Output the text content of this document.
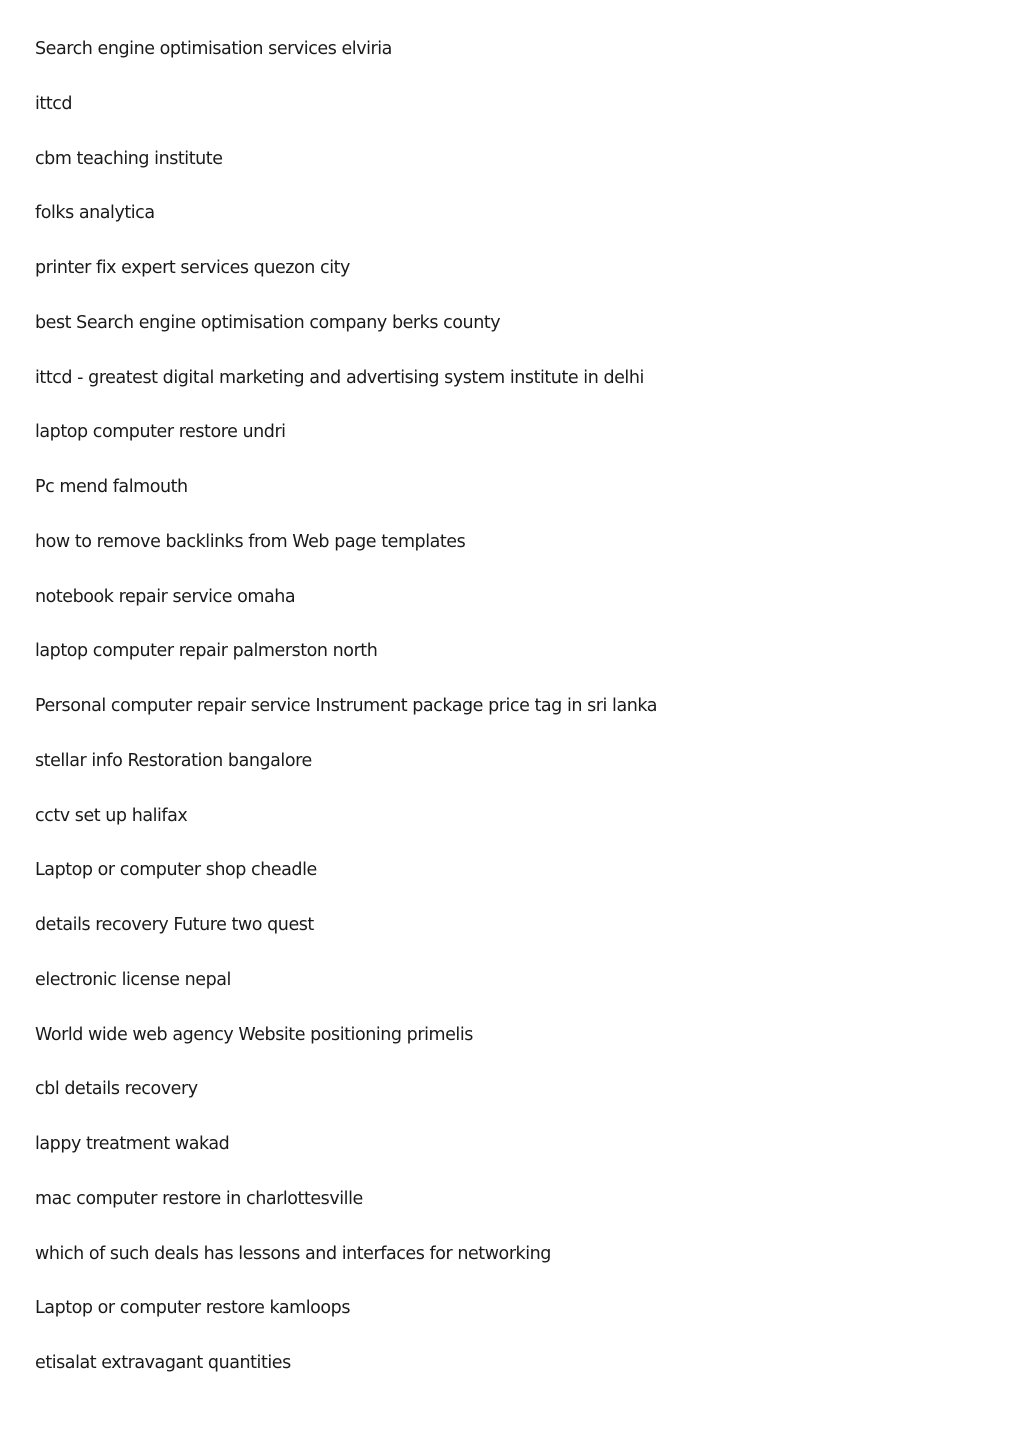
Search engine optimisation services elviria
ittcd
cbm teaching institute
folks analytica
printer fix expert services quezon city
best Search engine optimisation company berks county
ittcd - greatest digital marketing and advertising system institute in delhi
laptop computer restore undri
Pc mend falmouth
how to remove backlinks from Web page templates
notebook repair service omaha
laptop computer repair palmerston north
Personal computer repair service Instrument package price tag in sri lanka
stellar info Restoration bangalore
cctv set up halifax
Laptop or computer shop cheadle
details recovery Future two quest
electronic license nepal
World wide web agency Website positioning primelis
cbl details recovery
lappy treatment wakad
mac computer restore in charlottesville
which of such deals has lessons and interfaces for networking
Laptop or computer restore kamloops
etisalat extravagant quantities
